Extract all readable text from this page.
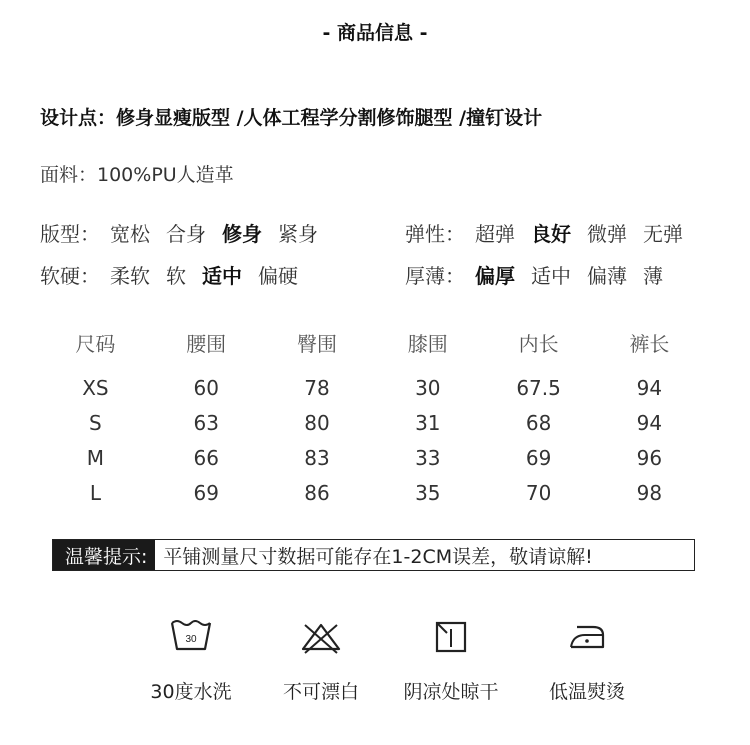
- 商品信息 -
设计点：修身显瘦版型 /人体工程学分割修饰腿型 /撞钉设计
面料：100%PU人造革
版型： 宽松 合身 修身 紧身	弹性： 超弹 良好 微弹 无弹
软硬： 柔软 软 适中 偏硬	厚薄： 偏厚 适中 偏薄 薄
尺码	腰围	臀围	膝围	内长	裤长
XS	60	78	30	67.5	94
S	63	80	31	68	94
M	66	83	33	69	96
L	69	86	35	70	98
温馨提示: 平铺测量尺寸数据可能存在1-2CM误差，敬请谅解!
30
30度水洗	不可漂白	阴凉处晾干	低温熨烫
